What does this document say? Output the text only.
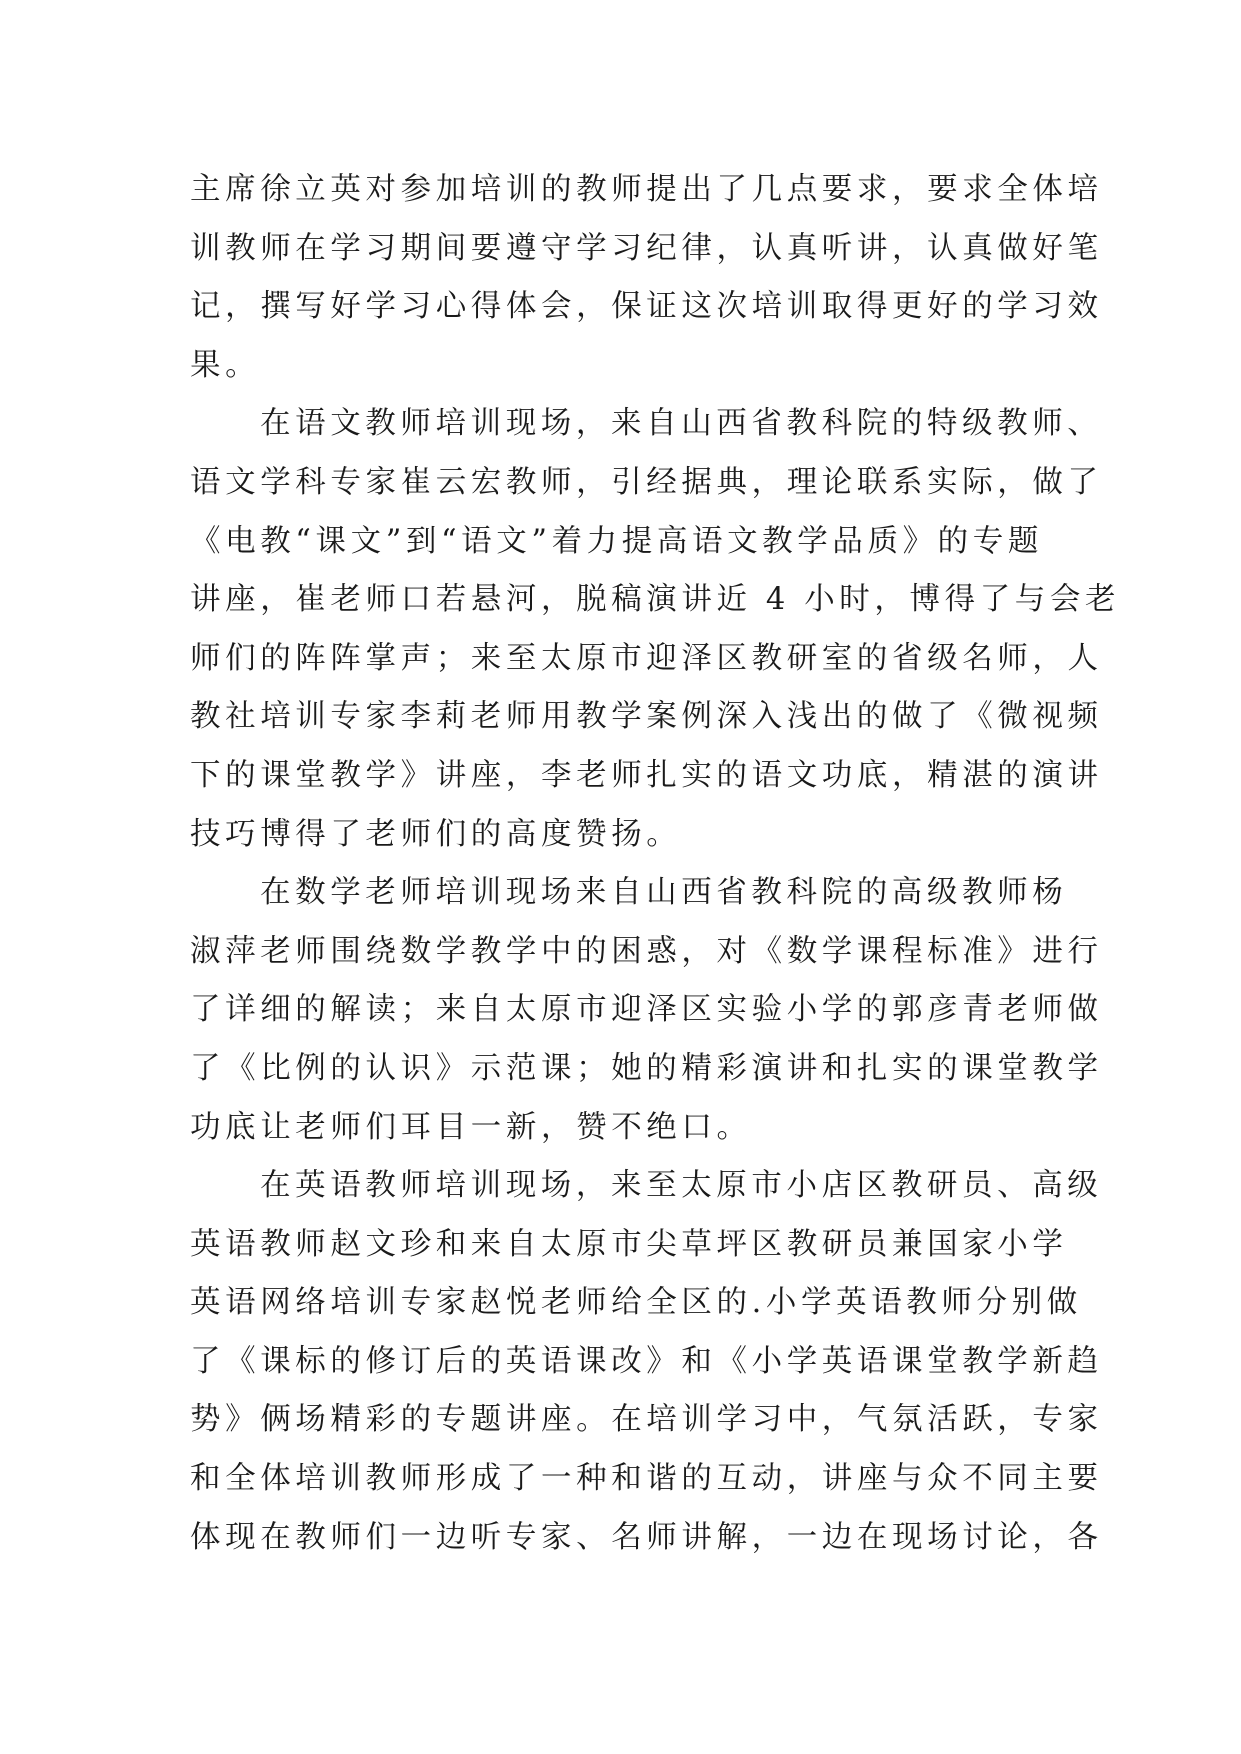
主席徐立英对参加培训的教师提出了几点要求，要求全体培
训教师在学习期间要遵守学习纪律，认真听讲，认真做好笔
记，撰写好学习心得体会，保证这次培训取得更好的学习效
果。
在语文教师培训现场，来自山西省教科院的特级教师、
语文学科专家崔云宏教师，引经据典，理论联系实际，做了
《电教“课文”到“语文”着力提高语文教学品质》的专题
讲座，崔老师口若悬河，脱稿演讲近 4 小时，博得了与会老
师们的阵阵掌声；来至太原市迎泽区教研室的省级名师，人
教社培训专家李莉老师用教学案例深入浅出的做了《微视频
下的课堂教学》讲座，李老师扎实的语文功底，精湛的演讲
技巧博得了老师们的高度赞扬。
在数学老师培训现场来自山西省教科院的高级教师杨
淑萍老师围绕数学教学中的困惑，对《数学课程标准》进行
了详细的解读；来自太原市迎泽区实验小学的郭彦青老师做
了《比例的认识》示范课；她的精彩演讲和扎实的课堂教学
功底让老师们耳目一新，赞不绝口。
在英语教师培训现场，来至太原市小店区教研员、高级
英语教师赵文珍和来自太原市尖草坪区教研员兼国家小学
英语网络培训专家赵悦老师给全区的.小学英语教师分别做
了《课标的修订后的英语课改》和《小学英语课堂教学新趋
势》俩场精彩的专题讲座。在培训学习中，气氛活跃，专家
和全体培训教师形成了一种和谐的互动，讲座与众不同主要
体现在教师们一边听专家、名师讲解，一边在现场讨论，各
